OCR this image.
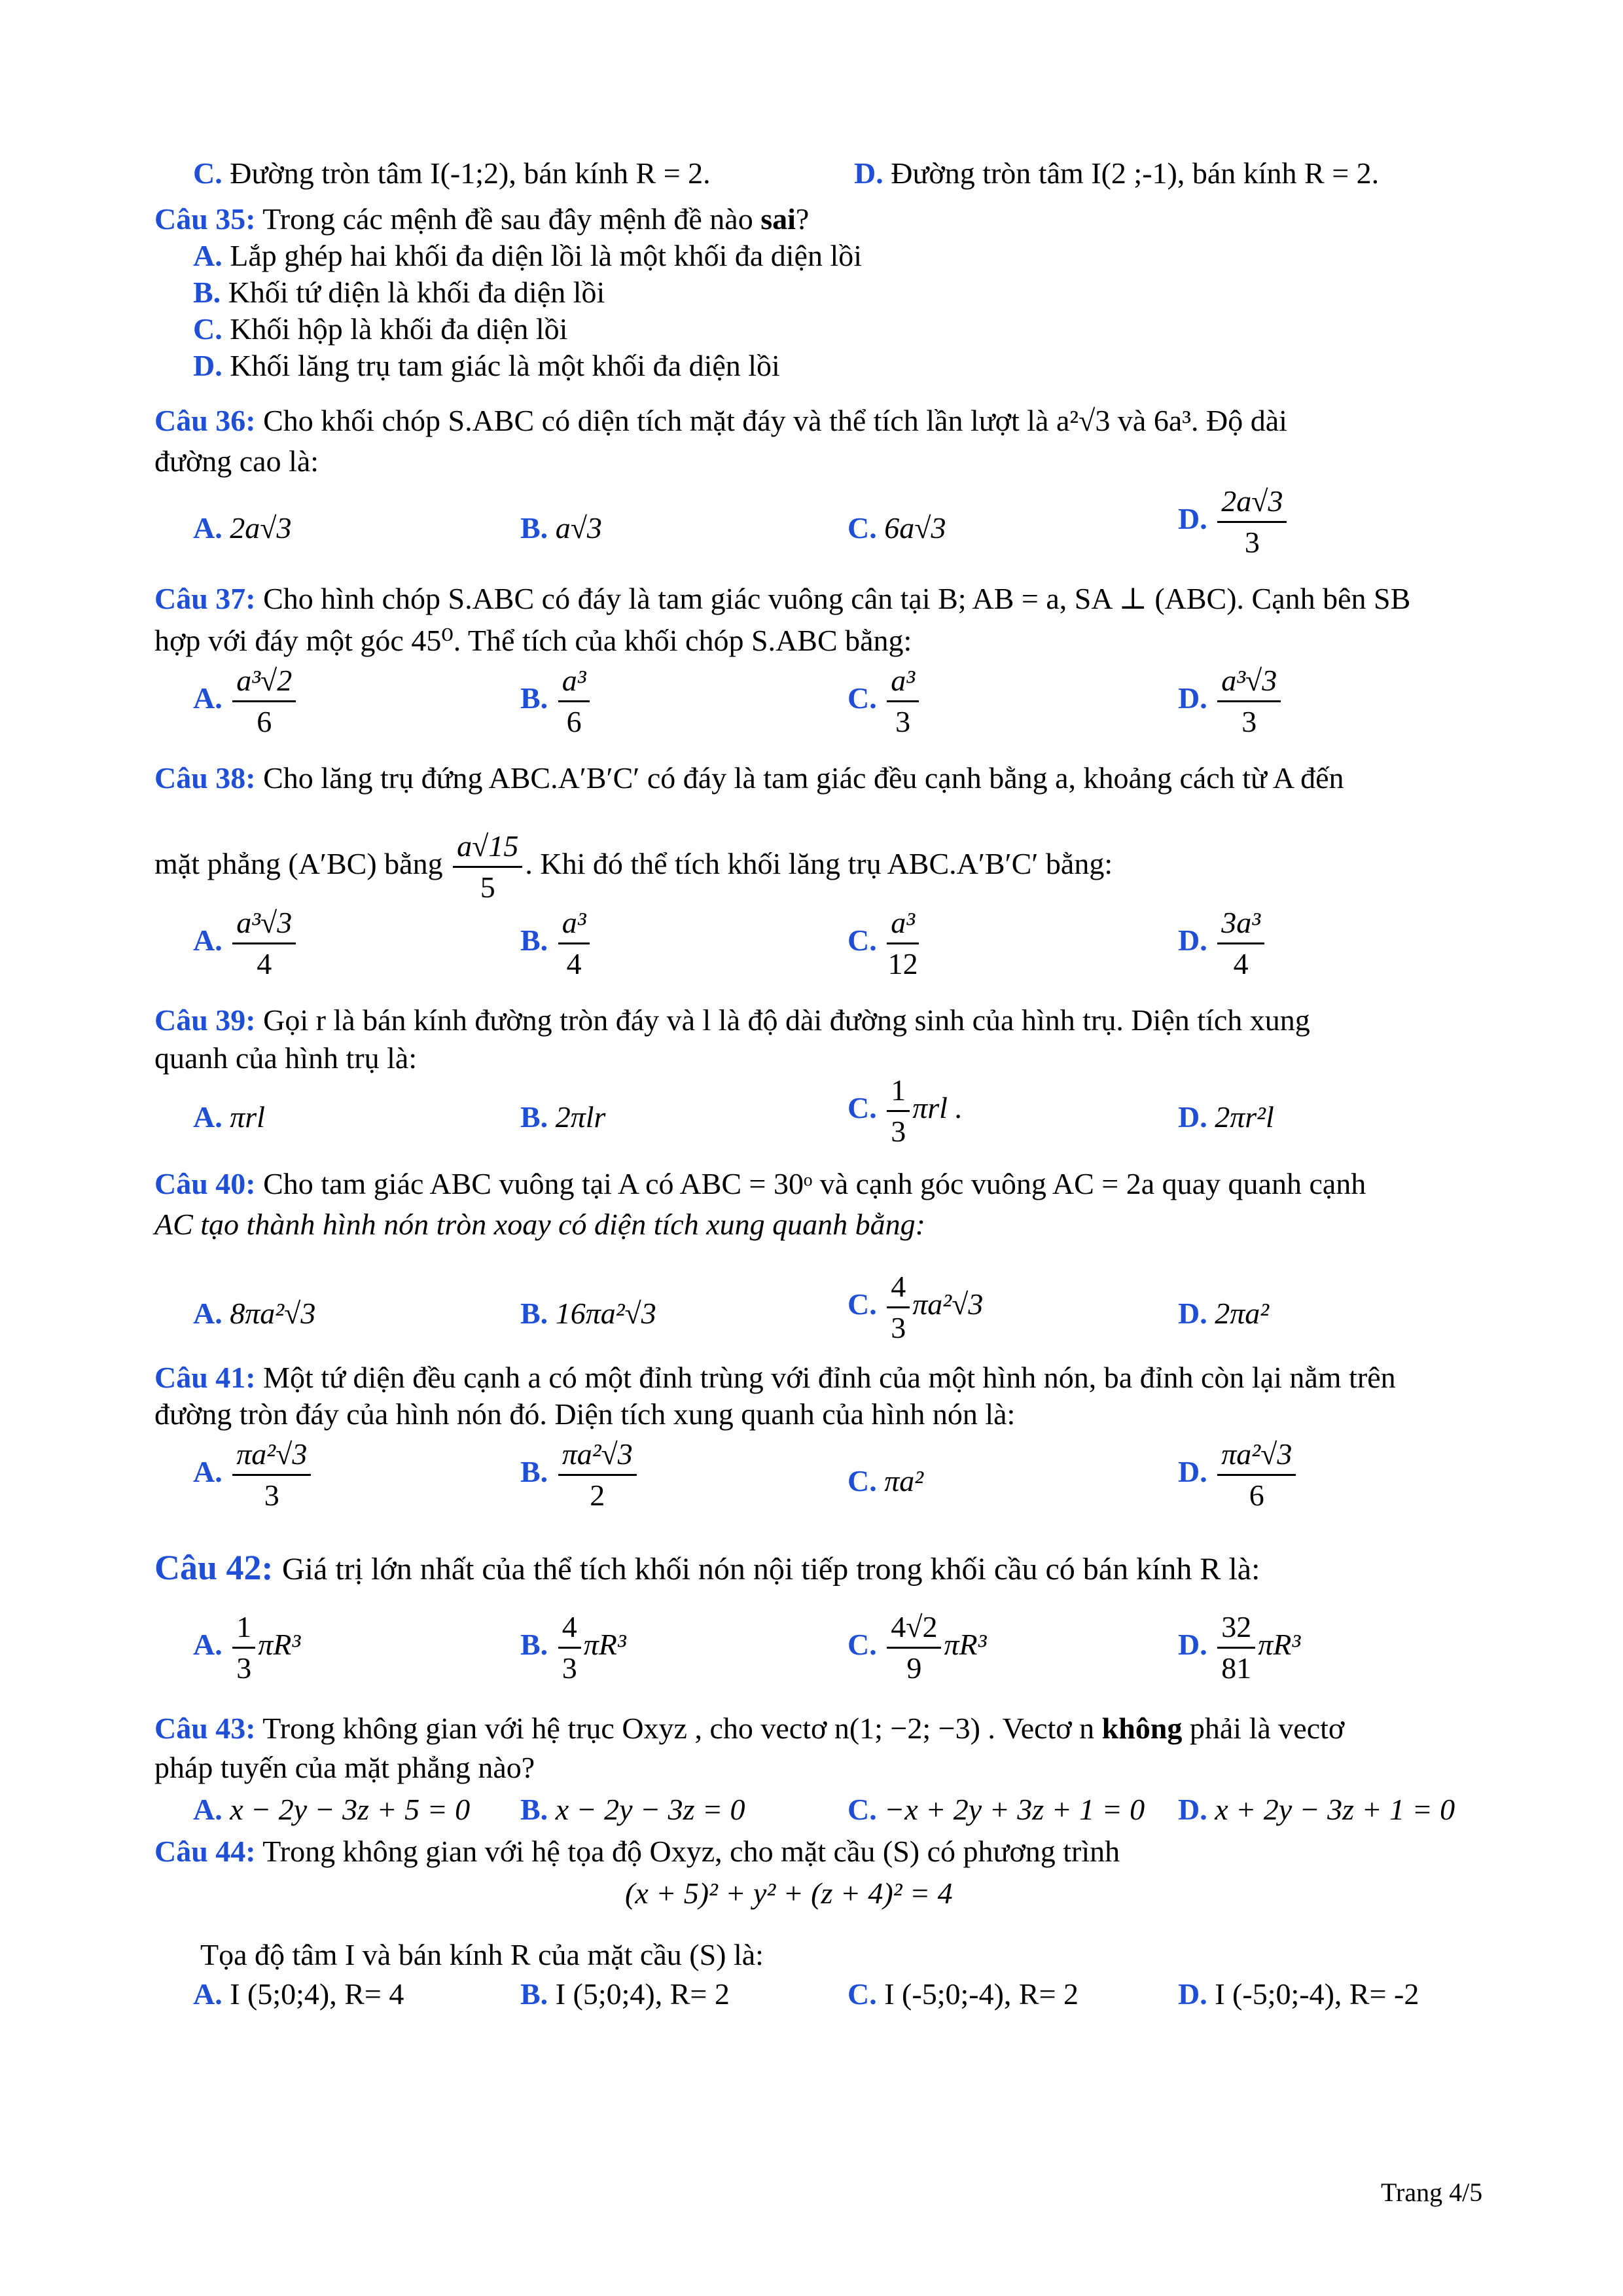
C. Đường tròn tâm I(-1;2), bán kính R = 2.	D. Đường tròn tâm I(2 ;-1), bán kính R = 2.
Câu 35: Trong các mệnh đề sau đây mệnh đề nào sai?
A. Lắp ghép hai khối đa diện lồi là một khối đa diện lồi
B. Khối tứ diện là khối đa diện lồi
C. Khối hộp là khối đa diện lồi
D. Khối lăng trụ tam giác là một khối đa diện lồi
Câu 36: Cho khối chóp S.ABC có diện tích mặt đáy và thể tích lần lượt là a²√3 và 6a³. Độ dài
đường cao là:
A. 2a√3	B. a√3	C. 6a√3	D. $\frac{2a√3}{3}$
Câu 37: Cho hình chóp S.ABC có đáy là tam giác vuông cân tại B; AB = a, SA ⊥ (ABC). Cạnh bên SB
hợp với đáy một góc 45⁰. Thể tích của khối chóp S.ABC bằng:
A. $\frac{\text{a³√2}}{6}$	B. $\frac{\text{a³}}{6}$	C. $\frac{\text{a³}}{3}$	D. $\frac{\text{a³√3}}{3}$
Câu 38: Cho lăng trụ đứng ABC.A′B′C′ có đáy là tam giác đều cạnh bằng a, khoảng cách từ A đến
mặt phẳng (A′BC) bằng $\frac{a√15}{5}$ . Khi đó thể tích khối lăng trụ ABC.A′B′C′ bằng:
A. $\frac{\text{a³√3}}{4}$	B. $\frac{\text{a³}}{4}$	C. $\frac{\text{a³}}{12}$	D. $\frac{\text{3a³}}{4}$
Câu 39: Gọi r là bán kính đường tròn đáy và l là độ dài đường sinh của hình trụ. Diện tích xung
quanh của hình trụ là:
A. πrl	B. 2πlr	C. $\frac{1}{3}$ πrl .	D. 2πr²l
Câu 40: Cho tam giác ABC vuông tại A có ABC = 30ᵒ và cạnh góc vuông AC = 2a quay quanh cạnh
AC tạo thành hình nón tròn xoay có diện tích xung quanh bằng:
A. 8πa²√3	B. 16πa²√3	C. $\frac{4}{3} \pi a^2√3$	D. 2πa²
Câu 41: Một tứ diện đều cạnh a có một đỉnh trùng với đỉnh của một hình nón, ba đỉnh còn lại nằm trên
đường tròn đáy của hình nón đó. Diện tích xung quanh của hình nón là:
A. $\frac{\text{πa²√3}}{3}$	B. $\frac{\text{πa²√3}}{2}$	C. πa²	D. $\frac{\text{πa²√3}}{6}$
Câu 42: Giá trị lớn nhất của thể tích khối nón nội tiếp trong khối cầu có bán kính R là:
A. $\frac{1}{3} \pi R^3$	B. $\frac{4}{3} \pi R^3$	C. $\frac{4√2}{9} \pi R^3$	D. $\frac{32}{81} \pi R^3$
Câu 43: Trong không gian với hệ trục Oxyz , cho vectơ n(1; −2; −3) . Vectơ n không phải là vectơ
pháp tuyến của mặt phẳng nào?
A. x − 2y − 3z + 5 = 0 B. x − 2y − 3z = 0	C. −x + 2y + 3z + 1 = 0 D. x + 2y − 3z + 1 = 0
Câu 44: Trong không gian với hệ tọa độ Oxyz, cho mặt cầu (S) có phương trình
(x + 5)² + y² + (z + 4)² = 4
Tọa độ tâm I và bán kính R của mặt cầu (S) là:
A. I (5;0;4), R= 4	B. I (5;0;4), R= 2	C. I (-5;0;-4), R= 2	D. I (-5;0;-4), R= -2
Trang 4/5
